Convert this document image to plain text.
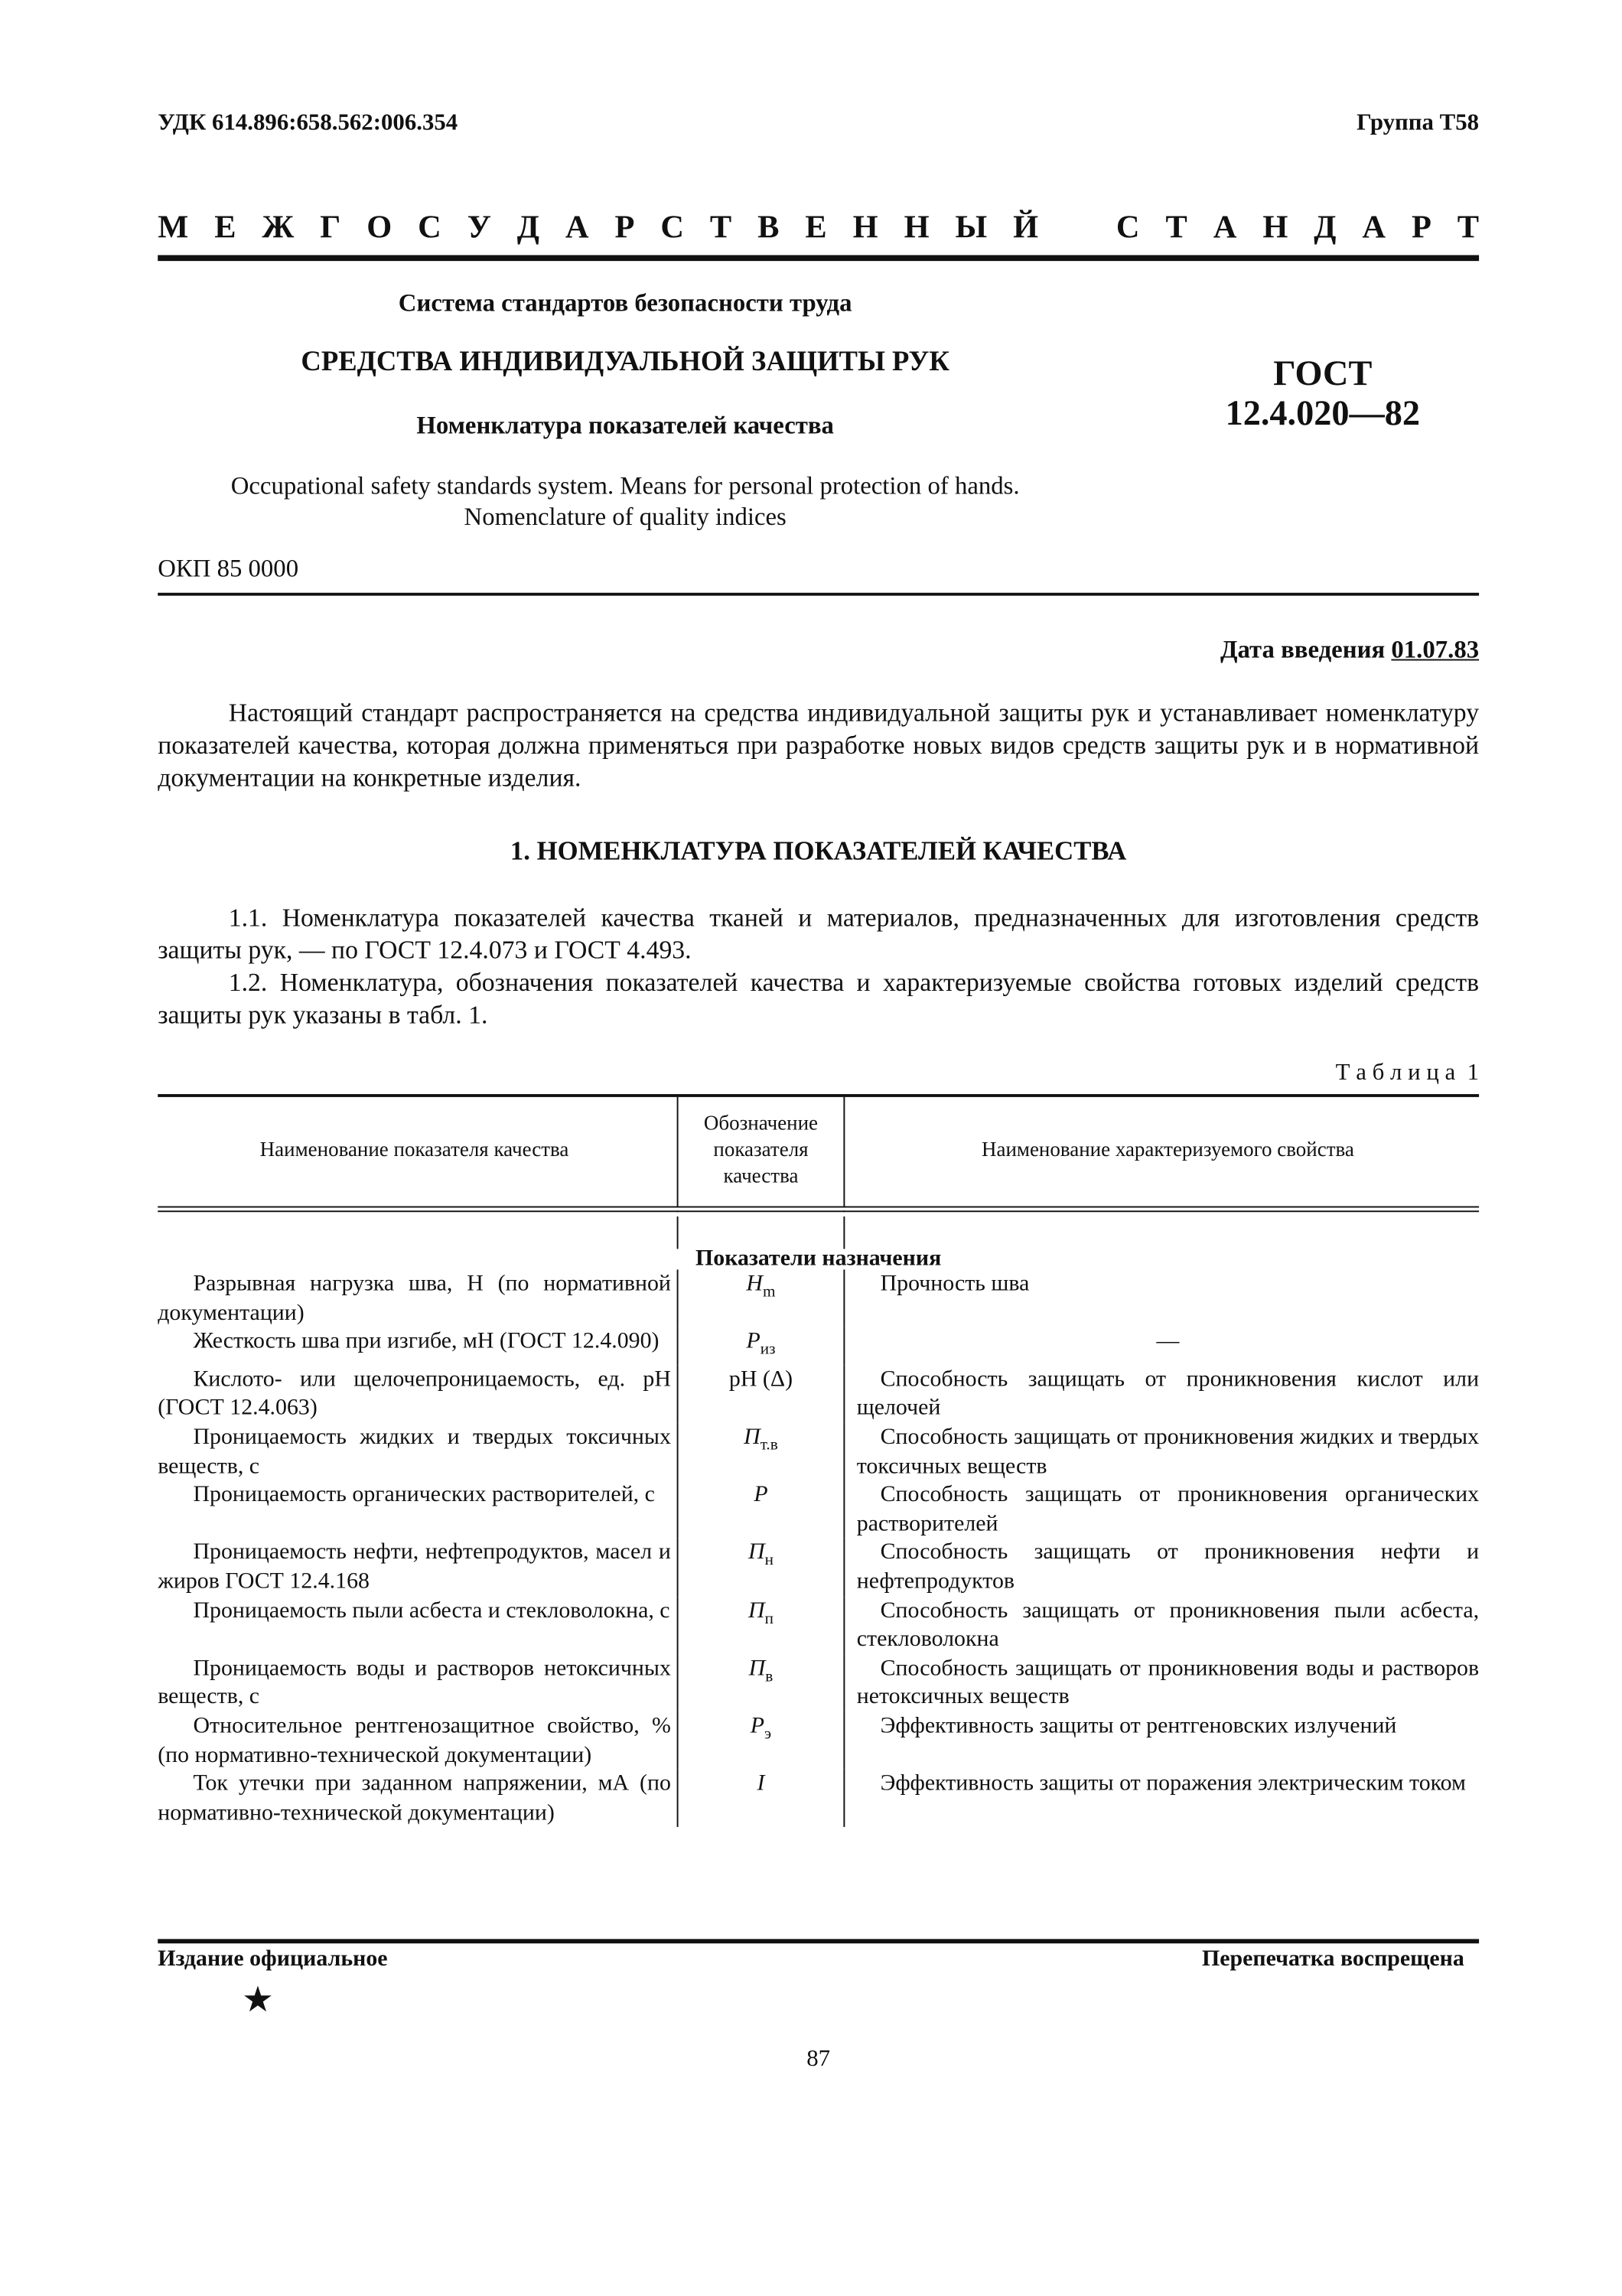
УДК 614.896:658.562:006.354	Группа Т58
М Е Ж Г О С У Д А Р С Т В Е Н Н Ы Й   С Т А Н Д А Р Т
Система стандартов безопасности труда
СРЕДСТВА ИНДИВИДУАЛЬНОЙ ЗАЩИТЫ РУК
Номенклатура показателей качества
ГОСТ
12.4.020—82
Occupational safety standards system. Means for personal protection of hands.
Nomenclature of quality indices
ОКП 85 0000
Дата введения 01.07.83
Настоящий стандарт распространяется на средства индивидуальной защиты рук и устанавливает номенклатуру показателей качества, которая должна применяться при разработке новых видов средств защиты рук и в нормативной документации на конкретные изделия.
1. НОМЕНКЛАТУРА ПОКАЗАТЕЛЕЙ КАЧЕСТВА
1.1. Номенклатура показателей качества тканей и материалов, предназначенных для изготовления средств защиты рук, — по ГОСТ 12.4.073 и ГОСТ 4.493.
1.2. Номенклатура, обозначения показателей качества и характеризуемые свойства готовых изделий средств защиты рук указаны в табл. 1.
Т а б л и ц а  1
Наименование показателя качества	Обозначение показателя качества	Наименование характеризуемого свойства

Показатели назначения		
Разрывная нагрузка шва, Н (по нормативной документации)	$H_m$	Прочность шва
Жесткость шва при изгибе, мН (ГОСТ 12.4.090)	$P_{из}$	—
Кислото- или щелочепроницаемость, ед. pH (ГОСТ 12.4.063)	pH (Δ)	Способность защищать от проникновения кислот или щелочей
Проницаемость жидких и твердых токсичных веществ, с	$П_{т.в}$	Способность защищать от проникновения жидких и твердых токсичных веществ
Проницаемость органических растворителей, с	P	Способность защищать от проникновения органических растворителей
Проницаемость нефти, нефтепродуктов, масел и жиров ГОСТ 12.4.168	$П_н$	Способность защищать от проникновения нефти и нефтепродуктов
Проницаемость пыли асбеста и стекловолокна, с	$П_п$	Способность защищать от проникновения пыли асбеста, стекловолокна
Проницаемость воды и растворов нетоксичных веществ, с	$П_в$	Способность защищать от проникновения воды и растворов нетоксичных веществ
Относительное рентгенозащитное свойство, % (по нормативно-технической документации)	$P_э$	Эффективность защиты от рентгеновских излучений
Ток утечки при заданном напряжении, мА (по нормативно-технической документации)	I	Эффективность защиты от поражения электрическим током
Издание официальное	Перепечатка воспрещена
★
87
